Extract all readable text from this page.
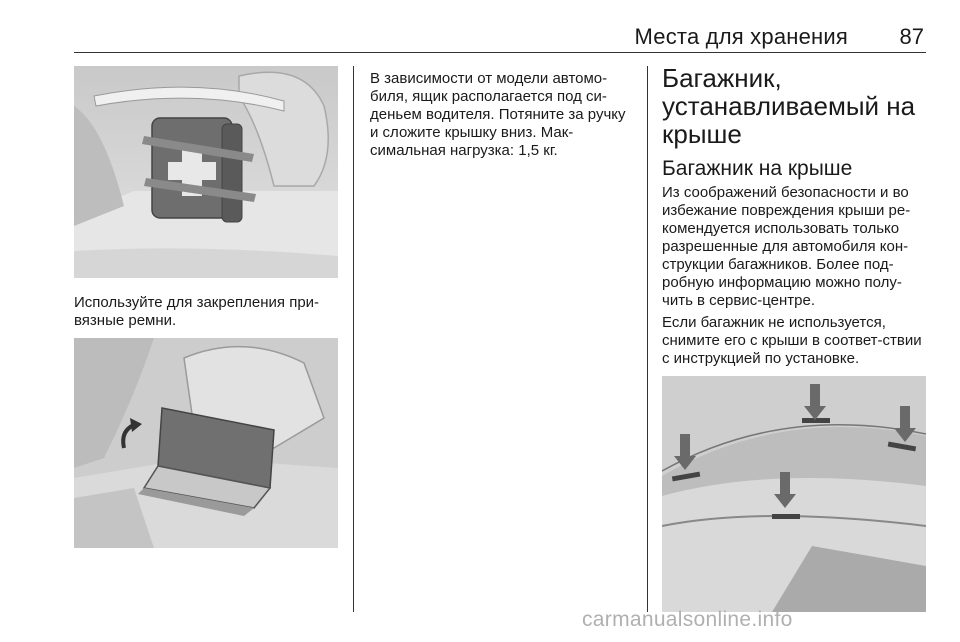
Места для хранения 87
Используйте для закрепления при-вязные ремни.
В зависимости от модели автомо-биля, ящик располагается под си-деньем водителя. Потяните за ручку и сложите крышку вниз. Мак-симальная нагрузка: 1,5 кг.
Багажник, устанавливаемый на крыше
Багажник на крыше
Из соображений безопасности и во избежание повреждения крыши ре-комендуется использовать только разрешенные для автомобиля кон-струкции багажников. Более под-робную информацию можно полу-чить в сервис-центре.
Если багажник не используется, снимите его с крыши в соответ-ствии с инструкцией по установке.
carmanualsonline.info
